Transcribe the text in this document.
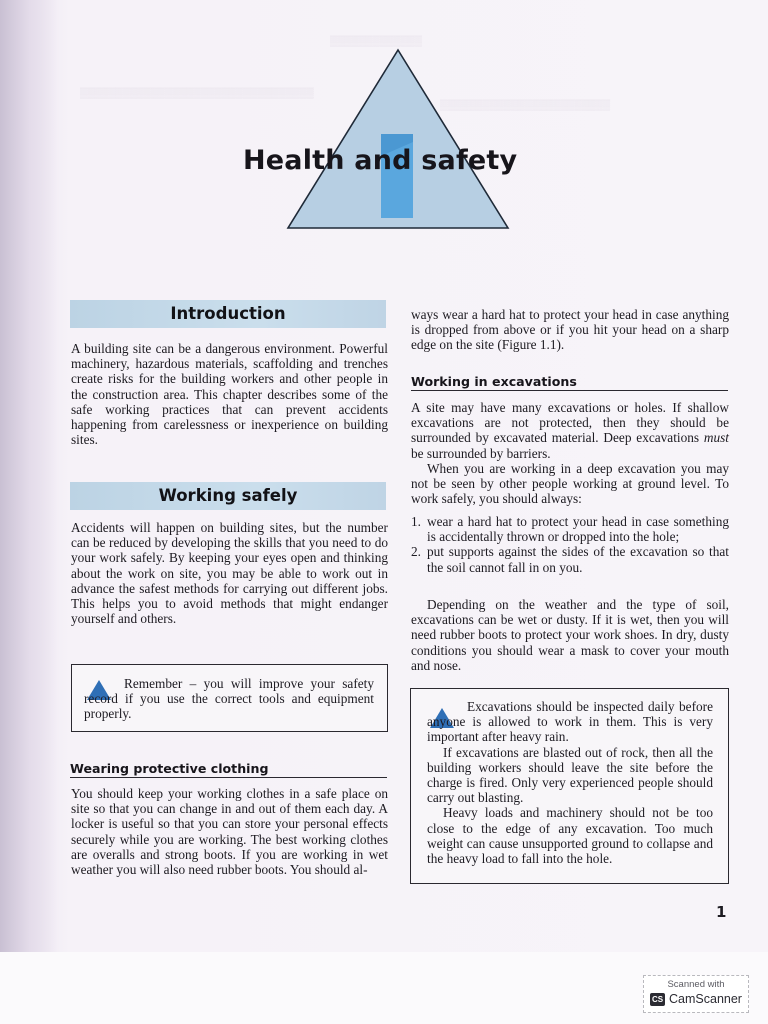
▒▒▒▒▒▒▒▒▒▒▒▒▒
▒▒▒▒▒▒▒▒▒▒▒▒▒▒▒▒▒▒▒▒▒▒▒▒▒▒▒▒▒▒▒▒▒
▒▒▒▒▒▒▒▒▒▒▒▒▒▒▒▒▒▒▒▒▒▒▒▒
Health and safety
Introduction

A building site can be a dangerous environment. Powerful machinery, hazardous materials, scaffolding and trenches create risks for the building workers and other people in the construction area. This chapter describes some of the safe working practices that can prevent accidents happening from carelessness or inexperience on building sites.

Working safely

Accidents will happen on building sites, but the number can be reduced by developing the skills that you need to do your work safely. By keeping your eyes open and thinking about the work on site, you may be able to work out in advance the safest methods for carrying out different jobs. This helps you to avoid methods that might endanger yourself and others.

Remember – you will improve your safety record if you use the correct tools and equipment properly.
Wearing protective clothing

You should keep your working clothes in a safe place on site so that you can change in and out of them each day. A locker is useful so that you can store your personal effects securely while you are working. The best working clothes are overalls and strong boots. If you are working in wet weather you will also need rubber boots. You should al-

ways wear a hard hat to protect your head in case anything is dropped from above or if you hit your head on a sharp edge on the site (Figure 1.1).

Working in excavations

A site may have many excavations or holes. If shallow excavations are not protected, then they should be surrounded by excavated material. Deep excavations must be surrounded by barriers.

When you are working in a deep excavation you may not be seen by other people working at ground level. To work safely, you should always:

1. wear a hard hat to protect your head in case something is accidentally thrown or dropped into the hole;
2. put supports against the sides of the excavation so that the soil cannot fall in on you.

Depending on the weather and the type of soil, excavations can be wet or dusty. If it is wet, then you will need rubber boots to protect your work shoes. In dry, dusty conditions you should wear a mask to cover your mouth and nose.

Excavations should be inspected daily before anyone is allowed to work in them. This is very important after heavy rain.

If excavations are blasted out of rock, then all the building workers should leave the site before the charge is fired. Only very experienced people should carry out blasting.

Heavy loads and machinery should not be too close to the edge of any excavation. Too much weight can cause unsupported ground to collapse and the heavy load to fall into the hole.

1
Scanned with
CS CamScanner
